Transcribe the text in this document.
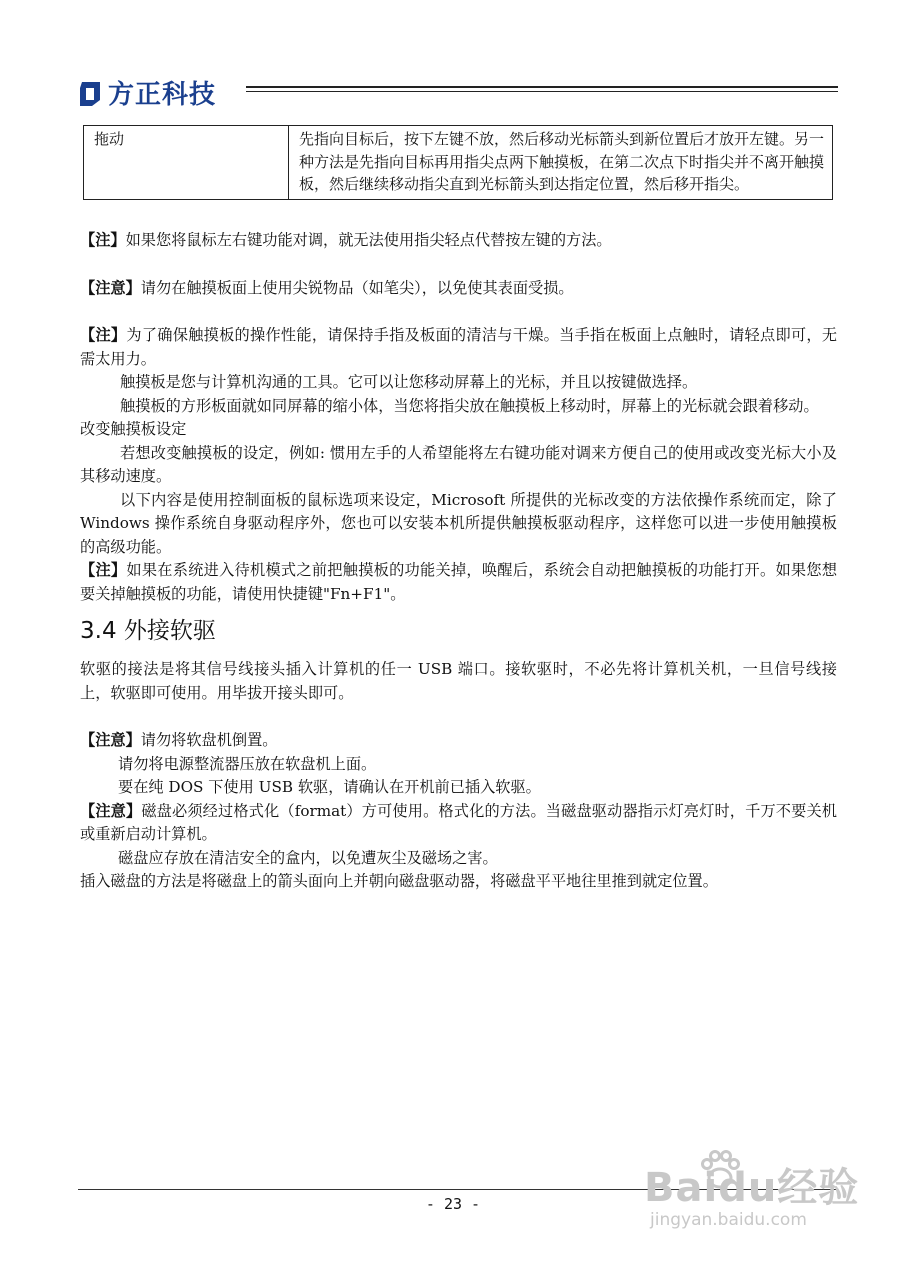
方正科技
拖动	先指向目标后，按下左键不放，然后移动光标箭头到新位置后才放开左键。另一种方法是先指向目标再用指尖点两下触摸板，在第二次点下时指尖并不离开触摸板，然后继续移动指尖直到光标箭头到达指定位置，然后移开指尖。

【注】如果您将鼠标左右键功能对调，就无法使用指尖轻点代替按左键的方法。

【注意】请勿在触摸板面上使用尖锐物品（如笔尖），以免使其表面受损。

【注】为了确保触摸板的操作性能，请保持手指及板面的清洁与干燥。当手指在板面上点触时，请轻点即可，无需太用力。

触摸板是您与计算机沟通的工具。它可以让您移动屏幕上的光标，并且以按键做选择。

触摸板的方形板面就如同屏幕的缩小体，当您将指尖放在触摸板上移动时，屏幕上的光标就会跟着移动。

改变触摸板设定

若想改变触摸板的设定，例如: 惯用左手的人希望能将左右键功能对调来方便自己的使用或改变光标大小及其移动速度。

以下内容是使用控制面板的鼠标选项来设定，Microsoft 所提供的光标改变的方法依操作系统而定，除了 Windows 操作系统自身驱动程序外，您也可以安装本机所提供触摸板驱动程序，这样您可以进一步使用触摸板的高级功能。

【注】如果在系统进入待机模式之前把触摸板的功能关掉，唤醒后，系统会自动把触摸板的功能打开。如果您想要关掉触摸板的功能，请使用快捷键"Fn+F1"。

3.4 外接软驱

软驱的接法是将其信号线接头插入计算机的任一 USB 端口。接软驱时，不必先将计算机关机，一旦信号线接上，软驱即可使用。用毕拔开接头即可。

【注意】请勿将软盘机倒置。

请勿将电源整流器压放在软盘机上面。

要在纯 DOS 下使用 USB 软驱，请确认在开机前已插入软驱。

【注意】磁盘必须经过格式化（format）方可使用。格式化的方法。当磁盘驱动器指示灯亮灯时，千万不要关机或重新启动计算机。

磁盘应存放在清洁安全的盒内，以免遭灰尘及磁场之害。

插入磁盘的方法是将磁盘上的箭头面向上并朝向磁盘驱动器，将磁盘平平地往里推到就定位置。

- 23 -	Baidu经验
jingyan.baidu.com
